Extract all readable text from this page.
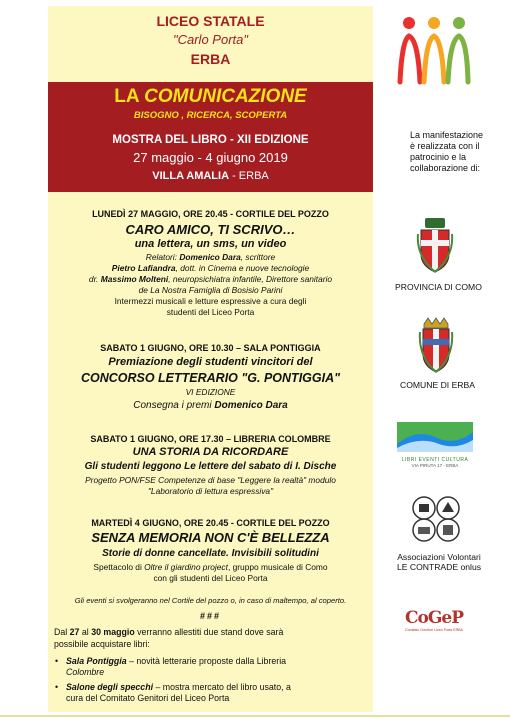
LICEO STATALE
"Carlo Porta"
ERBA
LA COMUNICAZIONE
BISOGNO , RICERCA, SCOPERTA
MOSTRA DEL LIBRO - XII EDIZIONE
27 maggio - 4 giugno 2019
VILLA AMALIA - ERBA
LUNEDÌ 27 MAGGIO, ORE 20.45 - CORTILE DEL POZZO
CARO AMICO, TI SCRIVO…
una lettera, un sms, un video
Relatori: Domenico Dara, scrittore
Pietro Lafiandra, dott. in Cinema e nuove tecnologie
dr. Massimo Molteni, neuropsichiatra infantile, Direttore sanitario
de La Nostra Famiglia di Bosisio Parini
Intermezzi musicali e letture espressive a cura degli
studenti del Liceo Porta
SABATO 1 GIUGNO, ORE 10.30 – SALA PONTIGGIA
Premiazione degli studenti vincitori del
CONCORSO LETTERARIO "G. PONTIGGIA"
VI EDIZIONE
Consegna i premi Domenico Dara
SABATO 1 GIUGNO, ORE 17.30 – LIBRERIA COLOMBRE
UNA STORIA DA RICORDARE
Gli studenti leggono Le lettere del sabato di I. Dische
Progetto PON/FSE Competenze di base "Leggere la realtà" modulo
"Laboratorio di lettura espressiva"
MARTEDÌ 4 GIUGNO, ORE 20.45 - CORTILE DEL POZZO
SENZA MEMORIA NON C'È BELLEZZA
Storie di donne cancellate. Invisibili solitudini
Spettacolo di Oltre il giardino project, gruppo musicale di Como
con gli studenti del Liceo Porta
Gli eventi si svolgeranno nel Cortile del pozzo o, in caso di maltempo, al coperto.
###
Dal 27 al 30 maggio verranno allestiti due stand dove sarà
possibile acquistare libri:
• Sala Pontiggia – novità letterarie proposte dalla Libreria
Colombre
• Salone degli specchi – mostra mercato del libro usato, a
cura del Comitato Genitori del Liceo Porta
La manifestazione
è realizzata con il
patrocinio e la
collaborazione di:
PROVINCIA DI COMO
COMUNE DI ERBA
LIBRI EVENTI CULTURA
VIA PIRUTA 17 - ERBA
Associazioni Volontari
LE CONTRADE onlus
CoGeP
Comitato Genitori Liceo Porta ERBA
